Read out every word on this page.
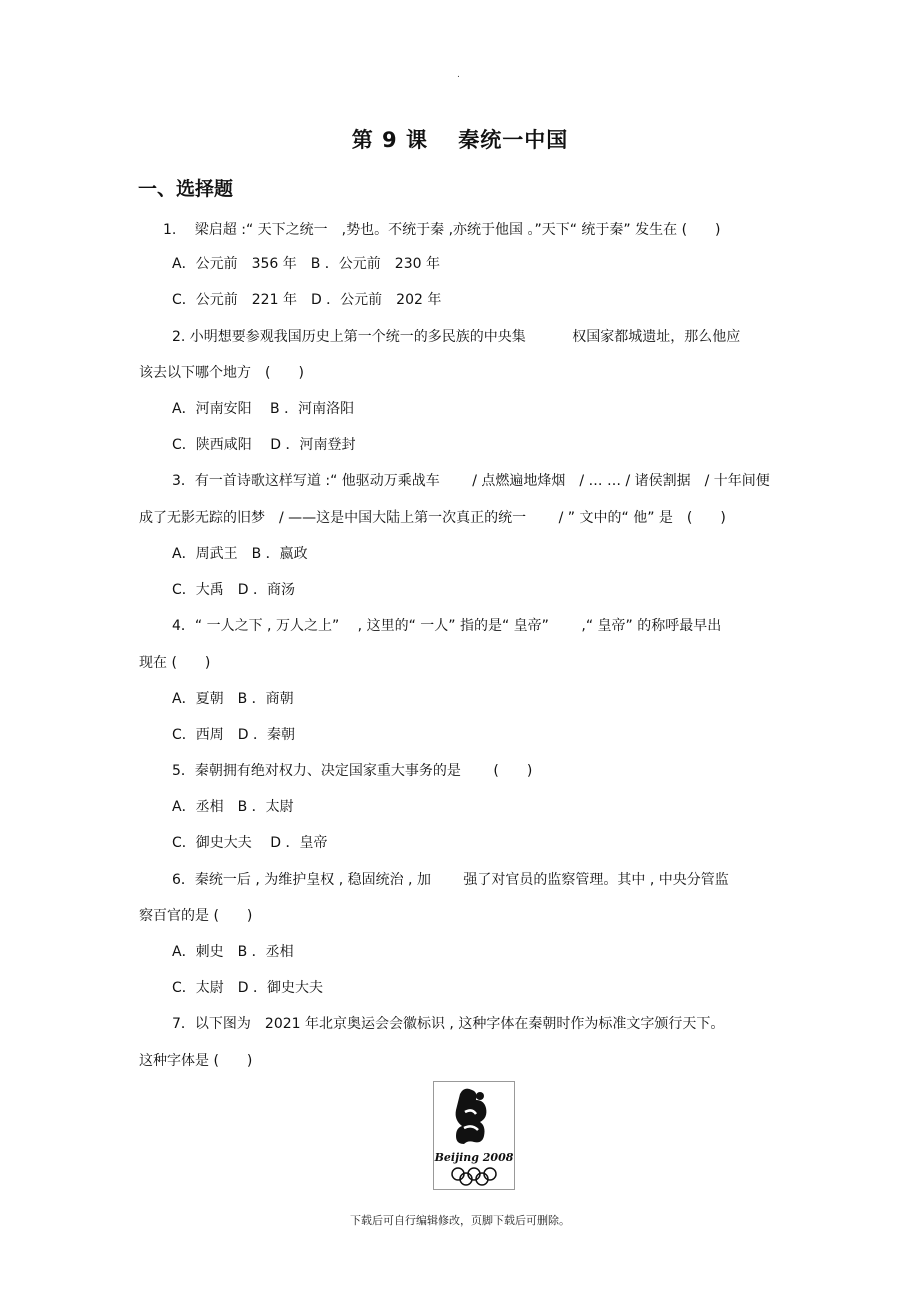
.
第 9 课　 秦统一中国
一、选择题
1.　 梁启超 :“ 天下之统一　,势也。不统于秦 ,亦统于他国 。”天下“ 统于秦” 发生在 (　　)
A．公元前　356 年　B ．公元前　230 年
C．公元前　221 年　D ．公元前　202 年
2. 小明想要参观我国历史上第一个统一的多民族的中央集　　　 权国家都城遗址，那么他应
该去以下哪个地方　(　　)
A．河南安阳　 B ．河南洛阳
C．陕西咸阳　 D ．河南登封
3．有一首诗歌这样写道 :“ 他驱动万乘战车　　 / 点燃遍地烽烟　/ … … / 诸侯割据　/ 十年间便
成了无影无踪的旧梦　/ ——这是中国大陆上第一次真正的统一　　 / ” 文中的“ 他” 是　(　　)
A．周武王　B ．嬴政
C．大禹　D ．商汤
4．“ 一人之下 , 万人之上”　 , 这里的“ 一人” 指的是“ 皇帝”　　 ,“ 皇帝” 的称呼最早出
现在 (　　)
A．夏朝　B ．商朝
C．西周　D ．秦朝
5．秦朝拥有绝对权力、决定国家重大事务的是　　 (　　)
A．丞相　B ．太尉
C．御史大夫　 D ．皇帝
6．秦统一后 , 为维护皇权 , 稳固统治 , 加　　 强了对官员的监察管理。其中 , 中央分管监
察百官的是 (　　)
A．刺史　B ．丞相
C．太尉　D ．御史大夫
7．以下图为　2021 年北京奥运会会徽标识 , 这种字体在秦朝时作为标准文字颁行天下。
这种字体是 (　　)
Beijing 2008
下载后可自行编辑修改，页脚下载后可删除。
